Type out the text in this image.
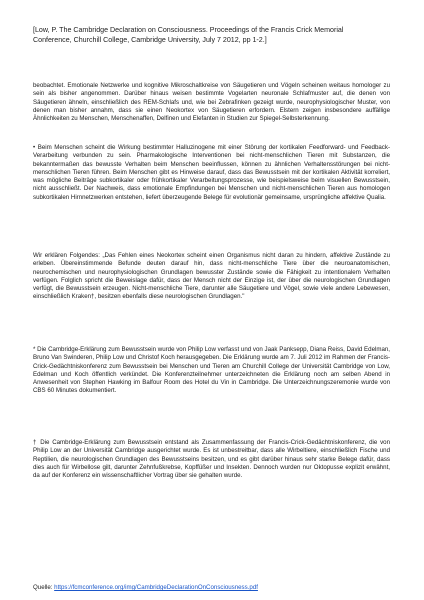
[Low, P. The Cambridge Declaration on Consciousness. Proceedings of the Francis Crick Memorial Conference, Churchill College, Cambridge University, July 7 2012, pp 1-2.]

beobachtet. Emotionale Netzwerke und kognitive Mikroschaltkreise von Säugetieren und Vögeln scheinen weitaus homologer zu sein als bisher angenommen. Darüber hinaus weisen bestimmte Vogelarten neuronale Schlafmuster auf, die denen von Säugetieren ähneln, einschließlich des REM-Schlafs und, wie bei Zebrafinken gezeigt wurde, neurophysiologischer Muster, von denen man bisher annahm, dass sie einen Neokortex von Säugetieren erfordern. Elstern zeigen insbesondere auffällige Ähnlichkeiten zu Menschen, Menschenaffen, Delfinen und Elefanten in Studien zur Spiegel-Selbsterkennung.

• Beim Menschen scheint die Wirkung bestimmter Halluzinogene mit einer Störung der kortikalen Feedforward- und Feedback-Verarbeitung verbunden zu sein. Pharmakologische Interventionen bei nicht-menschlichen Tieren mit Substanzen, die bekanntermaßen das bewusste Verhalten beim Menschen beeinflussen, können zu ähnlichen Verhaltensstörungen bei nicht-menschlichen Tieren führen. Beim Menschen gibt es Hinweise darauf, dass das Bewusstsein mit der kortikalen Aktivität korreliert, was mögliche Beiträge subkortikaler oder frühkortikaler Verarbeitungsprozesse, wie beispielsweise beim visuellen Bewusstsein, nicht ausschließt. Der Nachweis, dass emotionale Empfindungen bei Menschen und nicht-menschlichen Tieren aus homologen subkortikalen Hirnnetzwerken entstehen, liefert überzeugende Belege für evolutionär gemeinsame, ursprüngliche affektive Qualia.

Wir erklären Folgendes: „Das Fehlen eines Neokortex scheint einen Organismus nicht daran zu hindern, affektive Zustände zu erleben. Übereinstimmende Befunde deuten darauf hin, dass nicht-menschliche Tiere über die neuroanatomischen, neurochemischen und neurophysiologischen Grundlagen bewusster Zustände sowie die Fähigkeit zu intentionalem Verhalten verfügen. Folglich spricht die Beweislage dafür, dass der Mensch nicht der Einzige ist, der über die neurologischen Grundlagen verfügt, die Bewusstsein erzeugen. Nicht-menschliche Tiere, darunter alle Säugetiere und Vögel, sowie viele andere Lebewesen, einschließlich Kraken†, besitzen ebenfalls diese neurologischen Grundlagen."

* Die Cambridge-Erklärung zum Bewusstsein wurde von Philip Low verfasst und von Jaak Panksepp, Diana Reiss, David Edelman, Bruno Van Swinderen, Philip Low und Christof Koch herausgegeben. Die Erklärung wurde am 7. Juli 2012 im Rahmen der Francis-Crick-Gedächtniskonferenz zum Bewusstsein bei Menschen und Tieren am Churchill College der Universität Cambridge von Low, Edelman und Koch öffentlich verkündet. Die Konferenzteilnehmer unterzeichneten die Erklärung noch am selben Abend in Anwesenheit von Stephen Hawking im Balfour Room des Hotel du Vin in Cambridge. Die Unterzeichnungszeremonie wurde von CBS 60 Minutes dokumentiert.

† Die Cambridge-Erklärung zum Bewusstsein entstand als Zusammenfassung der Francis-Crick-Gedächtniskonferenz, die von Philip Low an der Universität Cambridge ausgerichtet wurde. Es ist unbestreitbar, dass alle Wirbeltiere, einschließlich Fische und Reptilien, die neurologischen Grundlagen des Bewusstseins besitzen, und es gibt darüber hinaus sehr starke Belege dafür, dass dies auch für Wirbellose gilt, darunter Zehnfußkrebse, Kopffüßer und Insekten. Dennoch wurden nur Oktopusse explizit erwähnt, da auf der Konferenz ein wissenschaftlicher Vortrag über sie gehalten wurde.

Quelle: https://fcmconference.org/img/CambridgeDeclarationOnConsciousness.pdf
